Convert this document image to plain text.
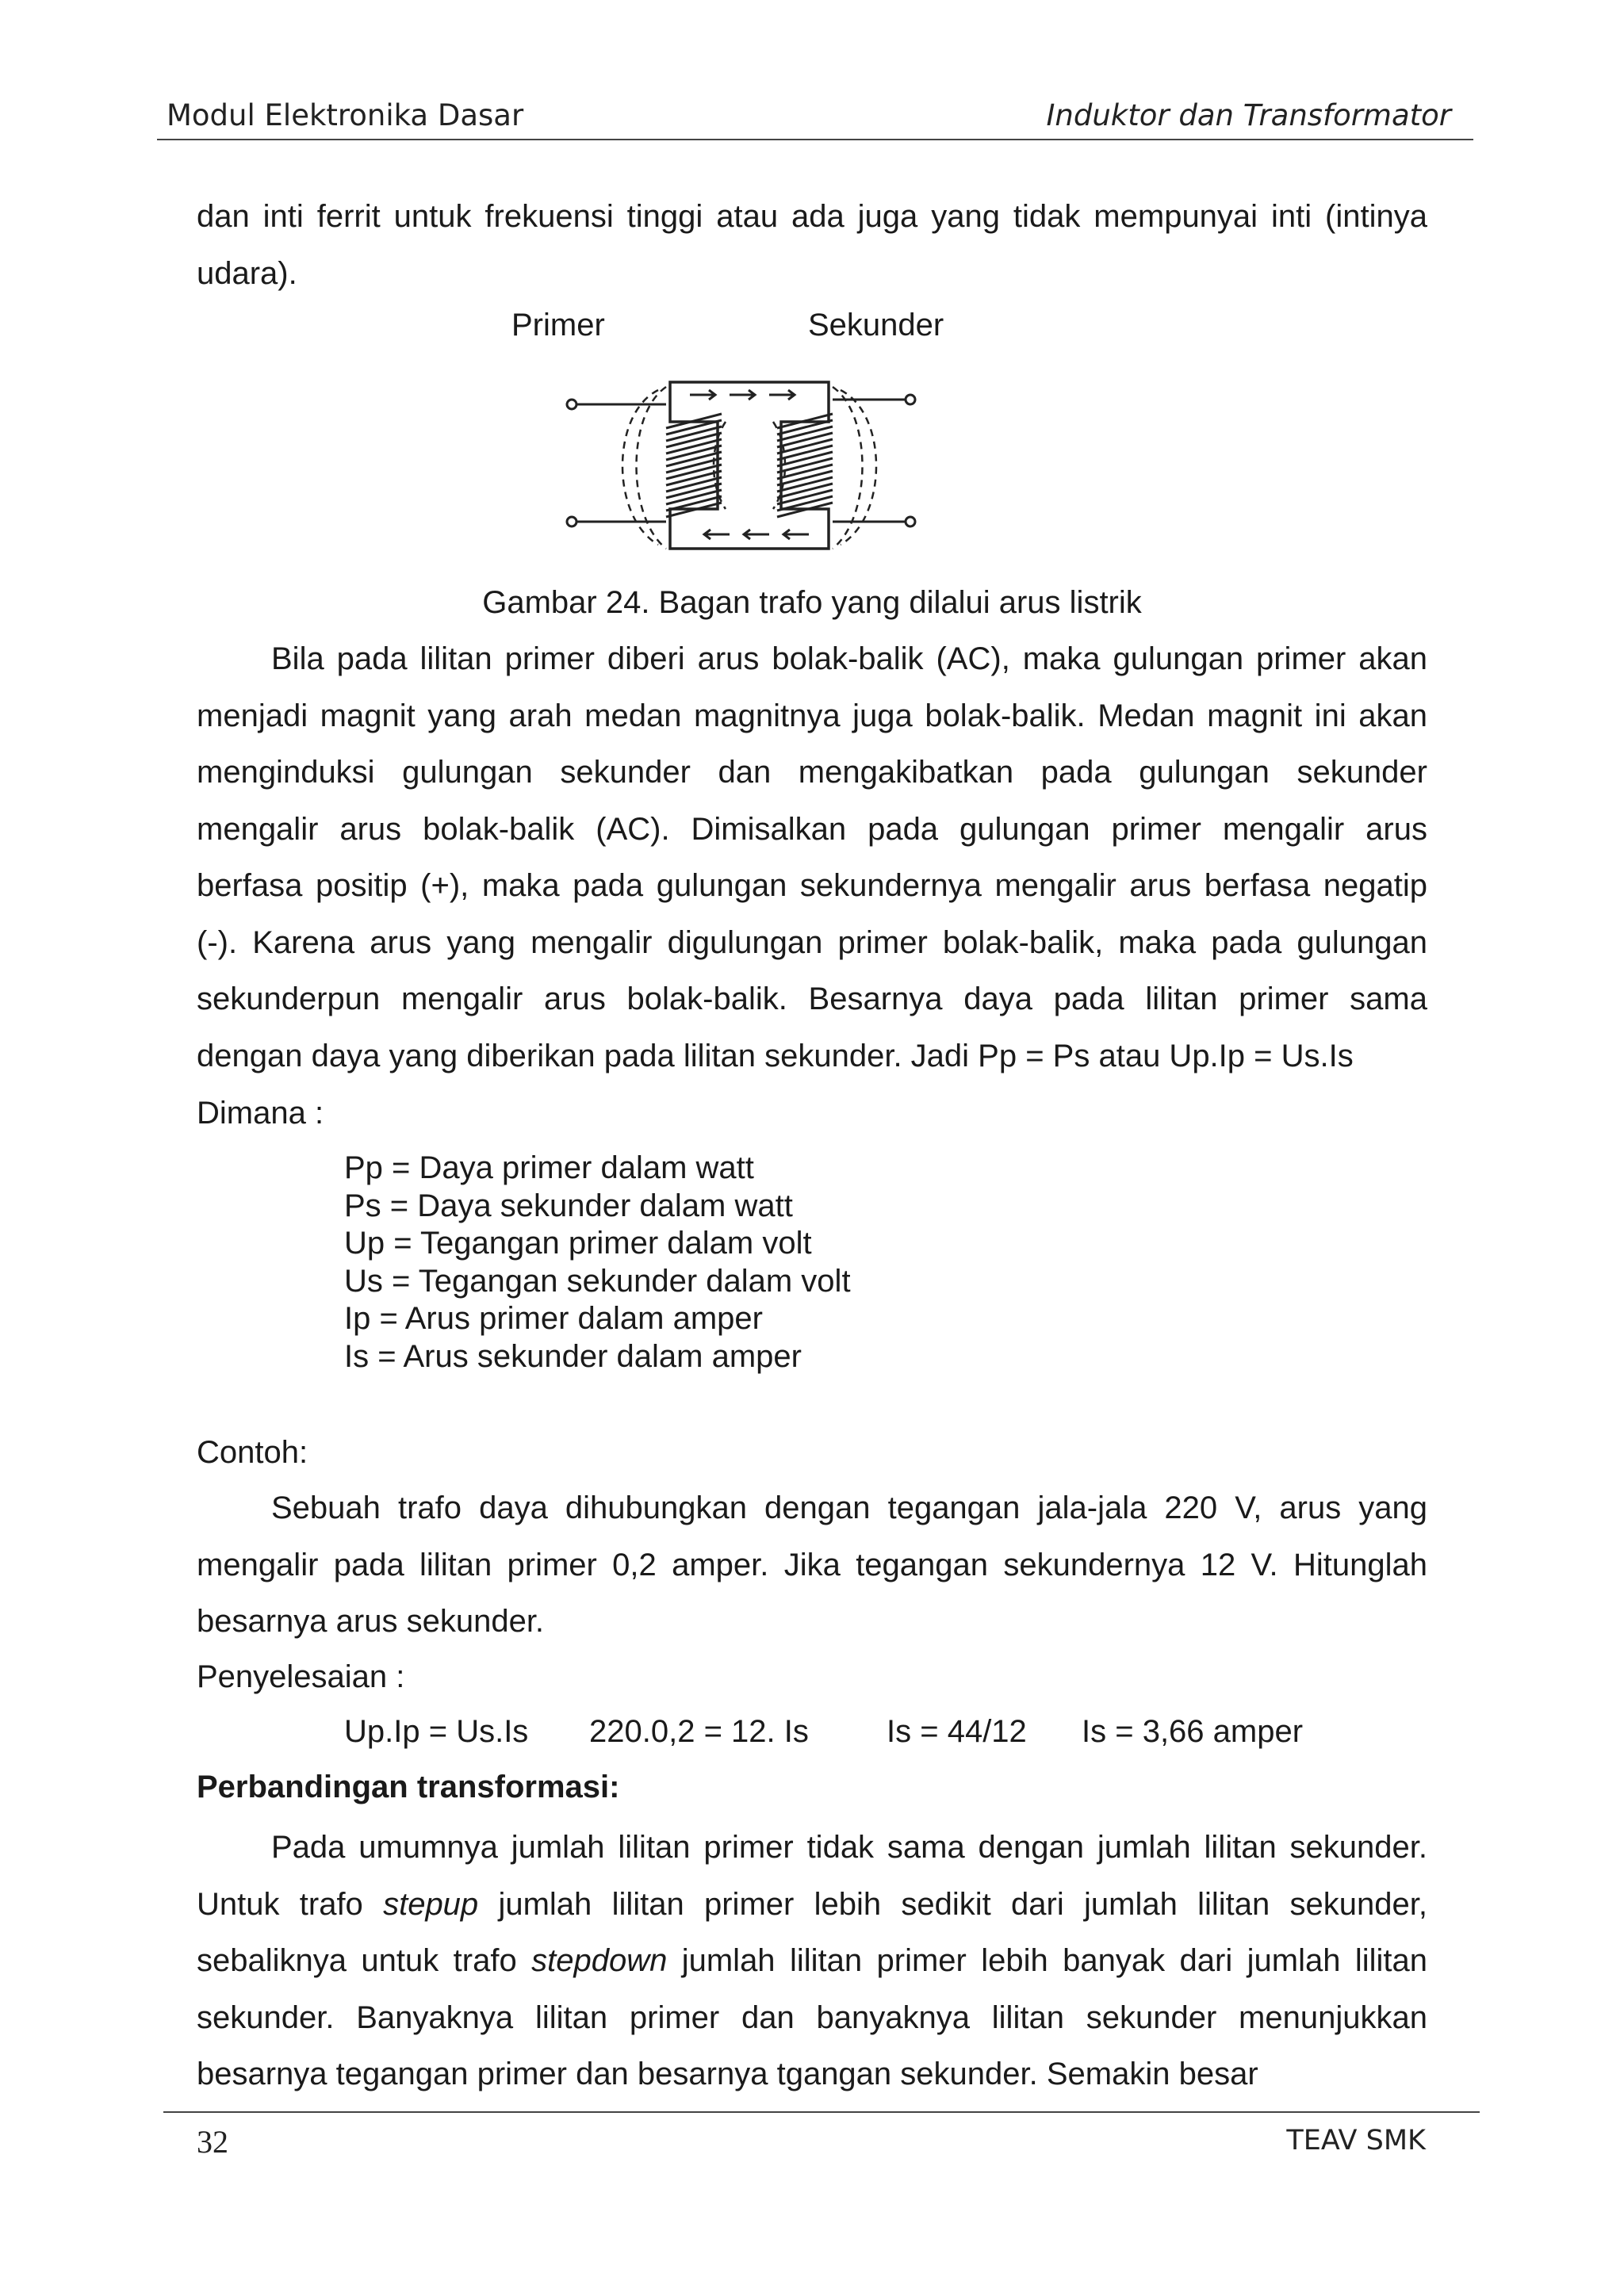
Modul Elektronika Dasar	Induktor dan Transformator
dan inti ferrit untuk frekuensi tinggi atau ada juga yang tidak mempunyai inti (intinya udara).
Primer	Sekunder
Gambar 24. Bagan trafo yang dilalui arus listrik
Bila pada lilitan primer diberi arus bolak-balik (AC), maka gulungan primer akan menjadi magnit yang arah medan magnitnya juga bolak-balik. Medan magnit ini akan menginduksi gulungan sekunder dan mengakibatkan pada gulungan sekunder mengalir arus bolak-balik (AC). Dimisalkan pada gulungan primer mengalir arus berfasa positip (+), maka pada gulungan sekundernya mengalir arus berfasa negatip (-). Karena arus yang mengalir digulungan primer bolak-balik, maka pada gulungan sekunderpun mengalir arus bolak-balik. Besarnya daya pada lilitan primer sama dengan daya yang diberikan pada lilitan sekunder. Jadi Pp = Ps atau Up.Ip = Us.Is
Dimana :
Pp = Daya primer dalam watt
Ps = Daya sekunder dalam watt
Up = Tegangan primer dalam volt
Us = Tegangan sekunder dalam volt
Ip = Arus primer dalam amper
Is = Arus sekunder dalam amper
Contoh:
Sebuah trafo daya dihubungkan dengan tegangan jala-jala 220 V, arus yang mengalir pada lilitan primer 0,2 amper. Jika tegangan sekundernya 12 V. Hitunglah besarnya arus sekunder.
Penyelesaian :
Up.Ip = Us.Is 220.0,2 = 12. Is Is = 44/12 Is = 3,66 amper
Perbandingan transformasi:
Pada umumnya jumlah lilitan primer tidak sama dengan jumlah lilitan sekunder. Untuk trafo stepup jumlah lilitan primer lebih sedikit dari jumlah lilitan sekunder, sebaliknya untuk trafo stepdown jumlah lilitan primer lebih banyak dari jumlah lilitan sekunder. Banyaknya lilitan primer dan banyaknya lilitan sekunder menunjukkan besarnya tegangan primer dan besarnya tgangan sekunder. Semakin besar
32	TEAV SMK
